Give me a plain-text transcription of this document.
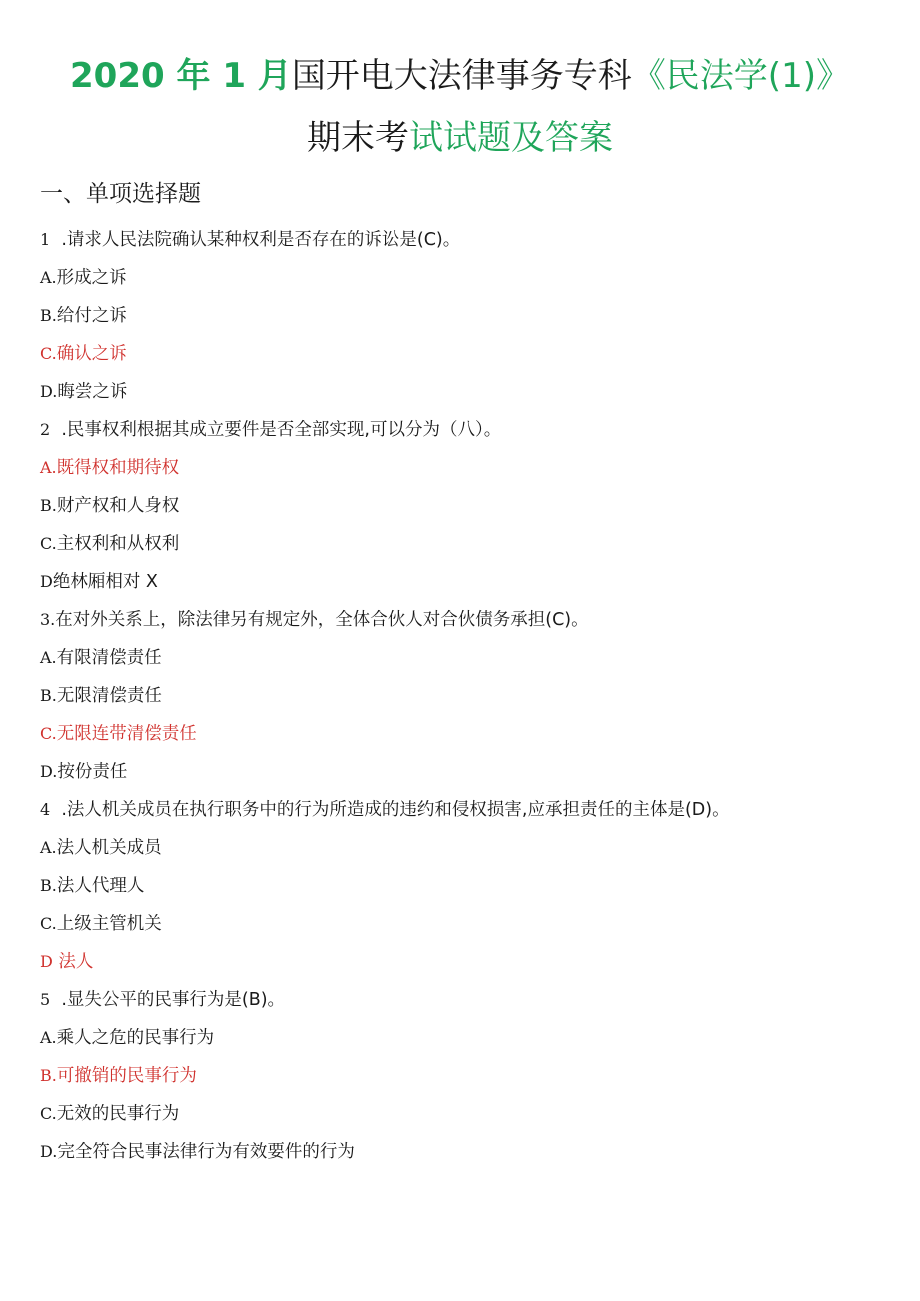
2020 年 1 月国开电大法律事务专科《民法学(1)》
期末考试试题及答案
一、单项选择题
1 .请求人民法院确认某种权利是否存在的诉讼是(C)。
A.形成之诉
B.给付之诉
C.确认之诉
D.晦尝之诉
2 .民事权利根据其成立要件是否全部实现,可以分为（八）。
A.既得权和期待权
B.财产权和人身权
C.主权利和从权利
D绝林厢相对 X
3.在对外关系上，除法律另有规定外，全体合伙人对合伙债务承担(C)。
A.有限清偿责任
B.无限清偿责任
C.无限连带清偿责任
D.按份责任
4 .法人机关成员在执行职务中的行为所造成的违约和侵权损害,应承担责任的主体是(D)。
A.法人机关成员
B.法人代理人
C.上级主管机关
D 法人
5 .显失公平的民事行为是(B)。
A.乘人之危的民事行为
B.可撤销的民事行为
C.无效的民事行为
D.完全符合民事法律行为有效要件的行为
